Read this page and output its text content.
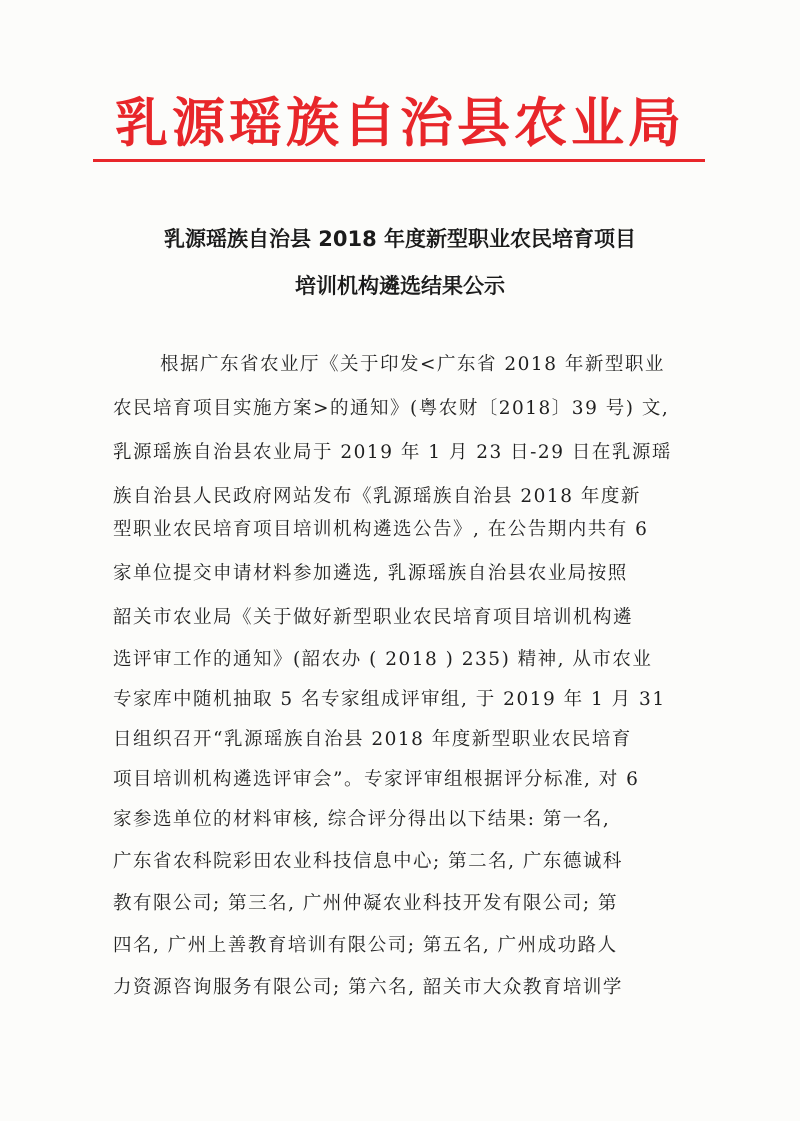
乳源瑶族自治县农业局
乳源瑶族自治县 2018 年度新型职业农民培育项目
培训机构遴选结果公示
根据广东省农业厅《关于印发<广东省 2018 年新型职业
农民培育项目实施方案>的通知》(粤农财〔2018〕39 号) 文,
乳源瑶族自治县农业局于 2019 年 1 月 23 日-29 日在乳源瑶
族自治县人民政府网站发布《乳源瑶族自治县 2018 年度新
型职业农民培育项目培训机构遴选公告》, 在公告期内共有 6
家单位提交申请材料参加遴选, 乳源瑶族自治县农业局按照
韶关市农业局《关于做好新型职业农民培育项目培训机构遴
选评审工作的通知》(韶农办 ( 2018 ) 235) 精神, 从市农业
专家库中随机抽取 5 名专家组成评审组, 于 2019 年 1 月 31
日组织召开“乳源瑶族自治县 2018 年度新型职业农民培育
项目培训机构遴选评审会”。专家评审组根据评分标准, 对 6
家参选单位的材料审核, 综合评分得出以下结果: 第一名,
广东省农科院彩田农业科技信息中心; 第二名, 广东德诚科
教有限公司; 第三名, 广州仲凝农业科技开发有限公司; 第
四名, 广州上善教育培训有限公司; 第五名, 广州成功路人
力资源咨询服务有限公司; 第六名, 韶关市大众教育培训学
